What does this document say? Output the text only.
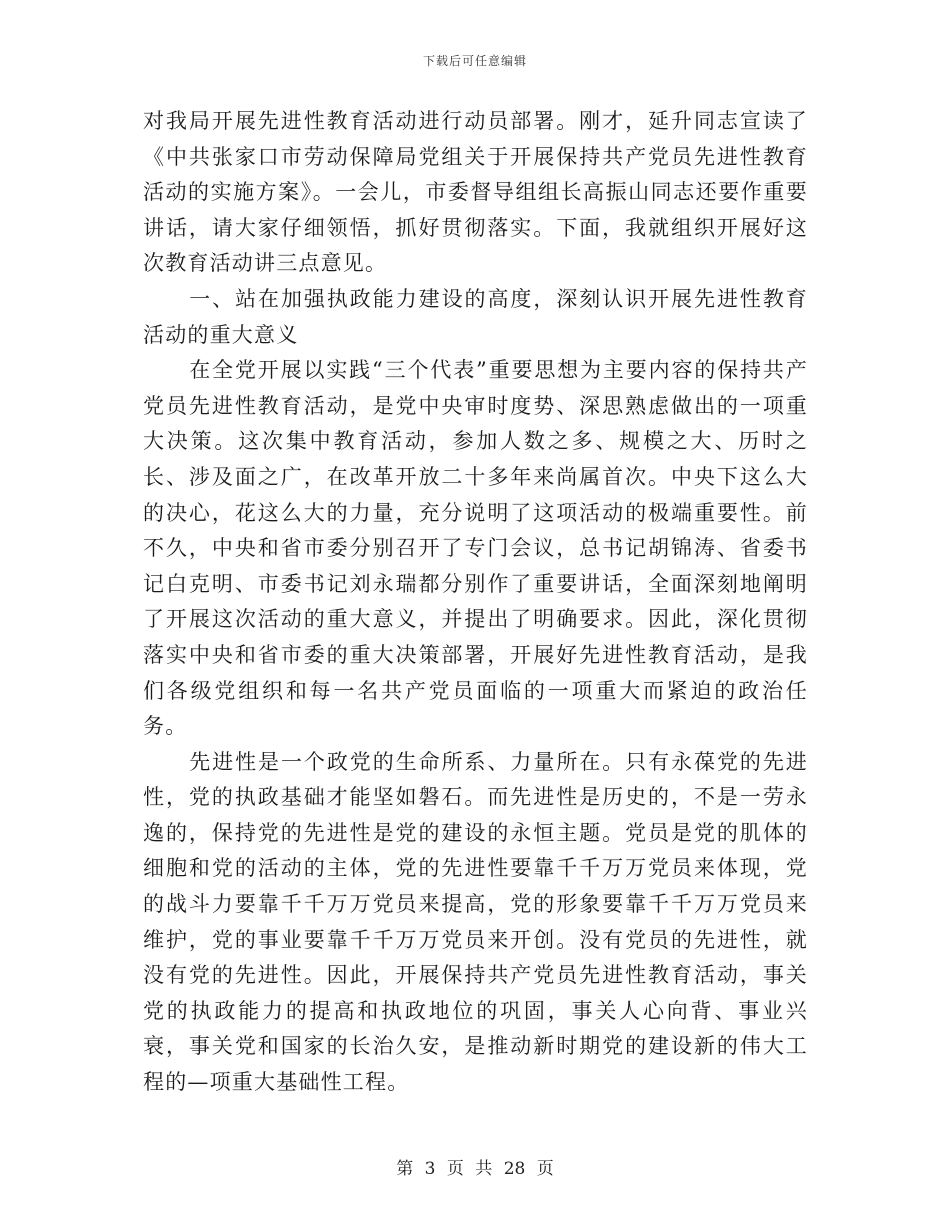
下载后可任意编辑

对我局开展先进性教育活动进行动员部署。刚才，延升同志宣读了《中共张家口市劳动保障局党组关于开展保持共产党员先进性教育活动的实施方案》。一会儿，市委督导组组长高振山同志还要作重要讲话，请大家仔细领悟，抓好贯彻落实。下面，我就组织开展好这次教育活动讲三点意见。

一、站在加强执政能力建设的高度，深刻认识开展先进性教育活动的重大意义

在全党开展以实践“三个代表”重要思想为主要内容的保持共产党员先进性教育活动，是党中央审时度势、深思熟虑做出的一项重大决策。这次集中教育活动，参加人数之多、规模之大、历时之长、涉及面之广，在改革开放二十多年来尚属首次。中央下这么大的决心，花这么大的力量，充分说明了这项活动的极端重要性。前不久，中央和省市委分别召开了专门会议，总书记胡锦涛、省委书记白克明、市委书记刘永瑞都分别作了重要讲话，全面深刻地阐明了开展这次活动的重大意义，并提出了明确要求。因此，深化贯彻落实中央和省市委的重大决策部署，开展好先进性教育活动，是我们各级党组织和每一名共产党员面临的一项重大而紧迫的政治任务。

先进性是一个政党的生命所系、力量所在。只有永葆党的先进性，党的执政基础才能坚如磐石。而先进性是历史的，不是一劳永逸的，保持党的先进性是党的建设的永恒主题。党员是党的肌体的细胞和党的活动的主体，党的先进性要靠千千万万党员来体现，党的战斗力要靠千千万万党员来提高，党的形象要靠千千万万党员来维护，党的事业要靠千千万万党员来开创。没有党员的先进性，就没有党的先进性。因此，开展保持共产党员先进性教育活动，事关党的执政能力的提高和执政地位的巩固，事关人心向背、事业兴衰，事关党和国家的长治久安，是推动新时期党的建设新的伟大工程的—项重大基础性工程。

第 3 页 共 28 页
